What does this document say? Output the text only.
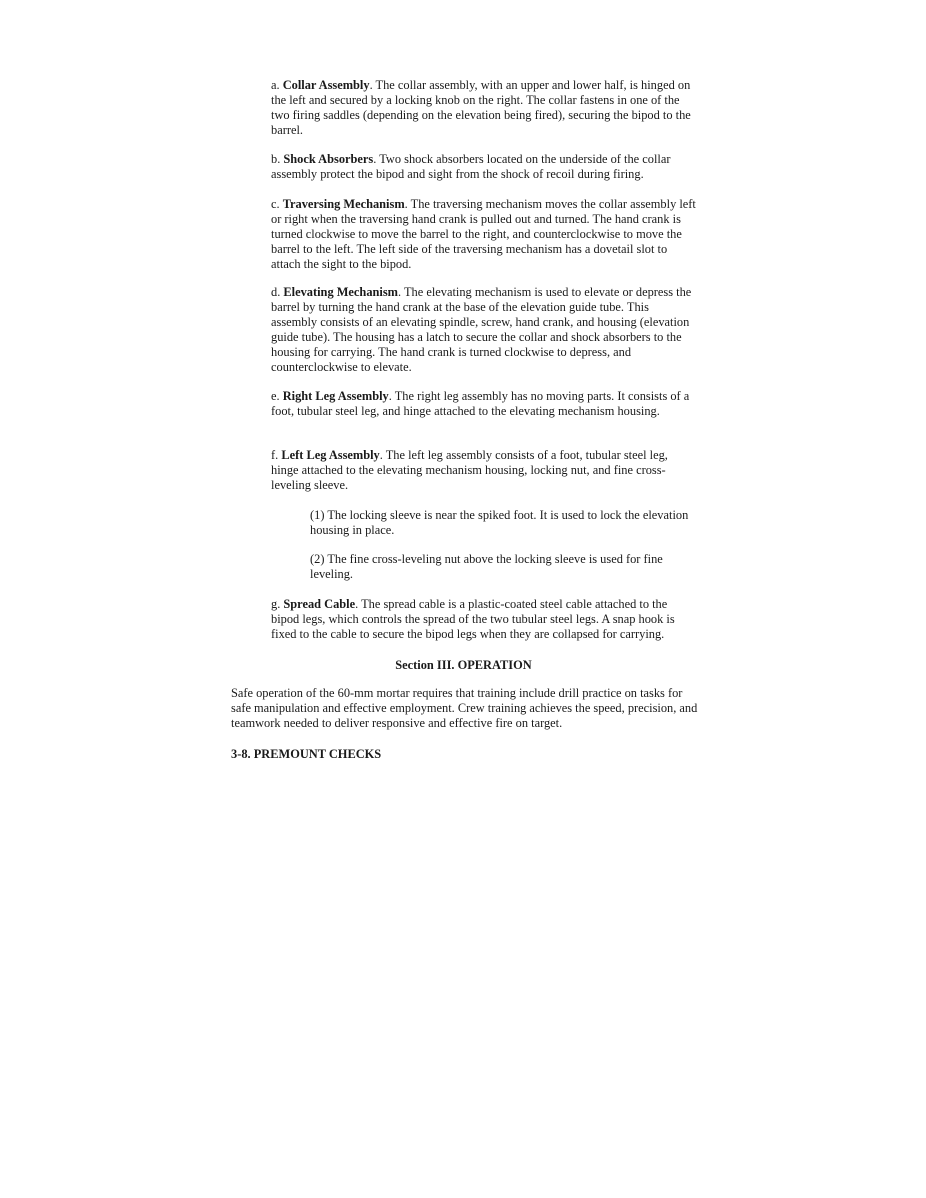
a. Collar Assembly. The collar assembly, with an upper and lower half, is hinged on the left and secured by a locking knob on the right. The collar fastens in one of the two firing saddles (depending on the elevation being fired), securing the bipod to the barrel.

b. Shock Absorbers. Two shock absorbers located on the underside of the collar assembly protect the bipod and sight from the shock of recoil during firing.

c. Traversing Mechanism. The traversing mechanism moves the collar assembly left or right when the traversing hand crank is pulled out and turned. The hand crank is turned clockwise to move the barrel to the right, and counterclockwise to move the barrel to the left. The left side of the traversing mechanism has a dovetail slot to attach the sight to the bipod.

d. Elevating Mechanism. The elevating mechanism is used to elevate or depress the barrel by turning the hand crank at the base of the elevation guide tube. This assembly consists of an elevating spindle, screw, hand crank, and housing (elevation guide tube). The housing has a latch to secure the collar and shock absorbers to the housing for carrying. The hand crank is turned clockwise to depress, and counterclockwise to elevate.

e. Right Leg Assembly. The right leg assembly has no moving parts. It consists of a foot, tubular steel leg, and hinge attached to the elevating mechanism housing.

f. Left Leg Assembly. The left leg assembly consists of a foot, tubular steel leg, hinge attached to the elevating mechanism housing, locking nut, and fine cross-leveling sleeve.

(1) The locking sleeve is near the spiked foot. It is used to lock the elevation housing in place.

(2) The fine cross-leveling nut above the locking sleeve is used for fine leveling.

g. Spread Cable. The spread cable is a plastic-coated steel cable attached to the bipod legs, which controls the spread of the two tubular steel legs. A snap hook is fixed to the cable to secure the bipod legs when they are collapsed for carrying.

Section III. OPERATION

Safe operation of the 60-mm mortar requires that training include drill practice on tasks for safe manipulation and effective employment. Crew training achieves the speed, precision, and teamwork needed to deliver responsive and effective fire on target.

3-8. PREMOUNT CHECKS
